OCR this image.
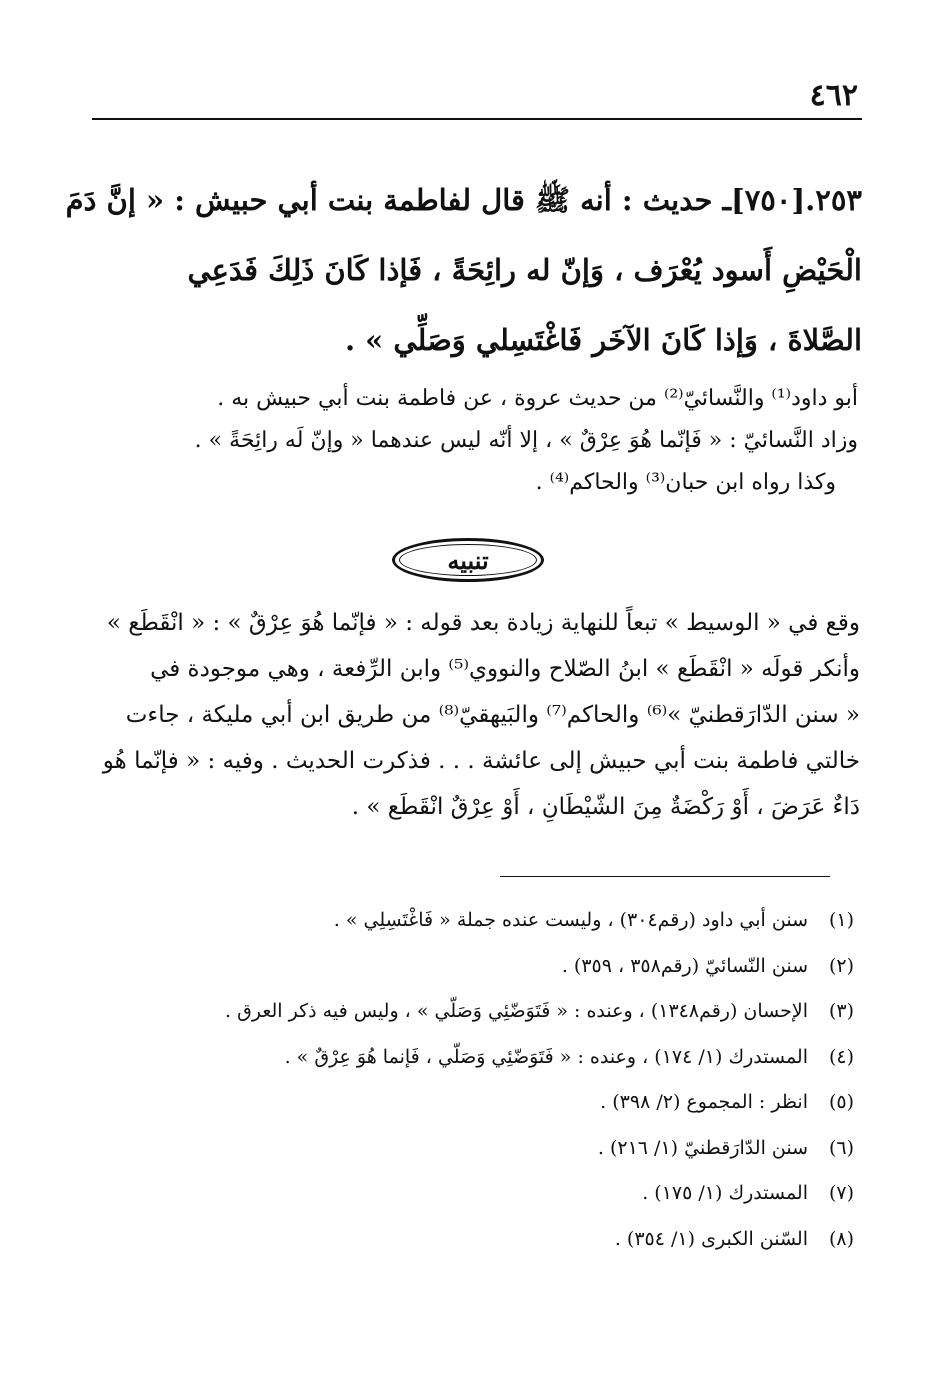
٤٦٢
٢٥٣.[٧٥٠]ـ حديث : أنه ﷺ قال لفاطمة بنت أبي حبيش : « إنَّ دَمَ
الْحَيْضِ أَسود يُعْرَف ، وَإنّ له رائِحَةً ، فَإذا كَانَ ذَلِكَ فَدَعِي
الصَّلاةَ ، وَإذا كَانَ الآخَر فَاغْتَسِلي وَصَلِّي » .
أبو داود⁽¹⁾ والنَّسائيّ⁽²⁾ من حديث عروة ، عن فاطمة بنت أبي حبيش به .
وزاد النَّسائيّ : « فَإنّما هُوَ عِرْقٌ » ، إلا أنّه ليس عندهما « وإنّ لَه رائِحَةً » .
وكذا رواه ابن حبان⁽³⁾ والحاكم⁽⁴⁾ .
تنبيه
وقع في « الوسيط » تبعاً للنهاية زيادة بعد قوله : « فإنّما هُوَ عِرْقٌ » : « انْقَطَع »
وأنكر قولَه « انْقَطَع » ابنُ الصّلاح والنووي⁽⁵⁾ وابن الرِّفعة ، وهي موجودة في
« سنن الدّارَقطنيّ »⁽⁶⁾ والحاكم⁽⁷⁾ والبَيهقيّ⁽⁸⁾ من طريق ابن أبي مليكة ، جاءت
خالتي فاطمة بنت أبي حبيش إلى عائشة . . . فذكرت الحديث . وفيه : « فإنّما هُو
دَاءٌ عَرَضَ ، أَوْ رَكْضَةٌ مِنَ الشّيْطَانِ ، أَوْ عِرْقٌ انْقَطَع » .
(١)
سنن أبي داود (رقم٣٠٤) ، وليست عنده جملة « فَاغْتَسِلِي » .
(٢)
سنن النّسائيّ (رقم٣٥٨ ، ٣٥٩) .
(٣)
الإحسان (رقم١٣٤٨) ، وعنده : « فَتَوَضّئِي وَصَلّي » ، وليس فيه ذكر العرق .
(٤)
المستدرك (١/ ١٧٤) ، وعنده : « فَتَوَضّئِي وَصَلّي ، فَإنما هُوَ عِرْقٌ » .
(٥)
انظر : المجموع (٢/ ٣٩٨) .
(٦)
سنن الدّارَقطنيّ (١/ ٢١٦) .
(٧)
المستدرك (١/ ١٧٥) .
(٨)
السّنن الكبرى (١/ ٣٥٤) .
